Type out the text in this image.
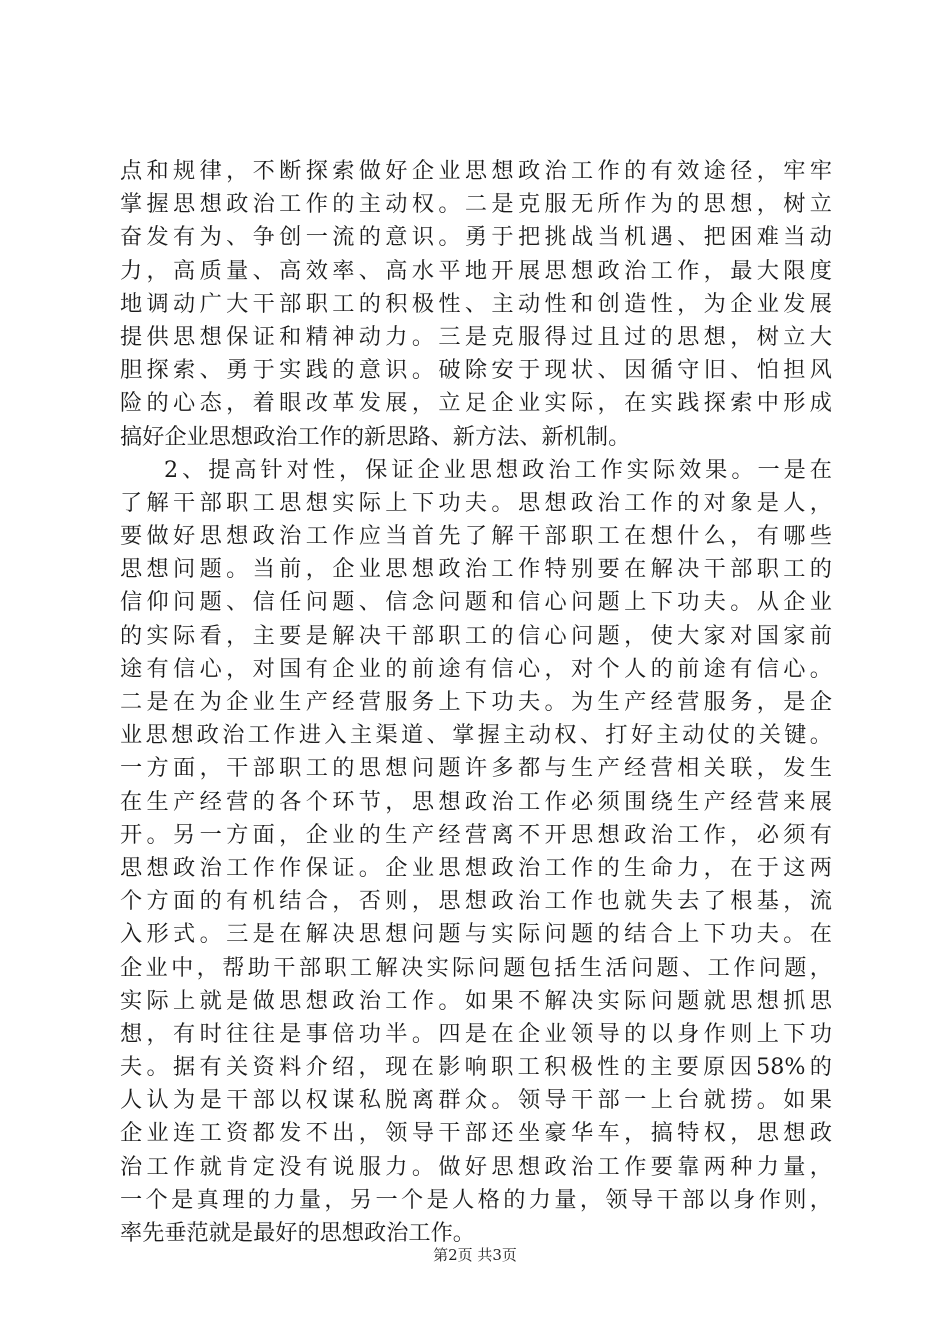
点和规律，不断探索做好企业思想政治工作的有效途径，牢牢
掌握思想政治工作的主动权。二是克服无所作为的思想，树立
奋发有为、争创一流的意识。勇于把挑战当机遇、把困难当动
力，高质量、高效率、高水平地开展思想政治工作，最大限度
地调动广大干部职工的积极性、主动性和创造性，为企业发展
提供思想保证和精神动力。三是克服得过且过的思想，树立大
胆探索、勇于实践的意识。破除安于现状、因循守旧、怕担风
险的心态，着眼改革发展，立足企业实际，在实践探索中形成
搞好企业思想政治工作的新思路、新方法、新机制。
2、提高针对性，保证企业思想政治工作实际效果。一是在
了解干部职工思想实际上下功夫。思想政治工作的对象是人，
要做好思想政治工作应当首先了解干部职工在想什么，有哪些
思想问题。当前，企业思想政治工作特别要在解决干部职工的
信仰问题、信任问题、信念问题和信心问题上下功夫。从企业
的实际看，主要是解决干部职工的信心问题，使大家对国家前
途有信心，对国有企业的前途有信心，对个人的前途有信心。
二是在为企业生产经营服务上下功夫。为生产经营服务，是企
业思想政治工作进入主渠道、掌握主动权、打好主动仗的关键。
一方面，干部职工的思想问题许多都与生产经营相关联，发生
在生产经营的各个环节，思想政治工作必须围绕生产经营来展
开。另一方面，企业的生产经营离不开思想政治工作，必须有
思想政治工作作保证。企业思想政治工作的生命力，在于这两
个方面的有机结合，否则，思想政治工作也就失去了根基，流
入形式。三是在解决思想问题与实际问题的结合上下功夫。在
企业中，帮助干部职工解决实际问题包括生活问题、工作问题，
实际上就是做思想政治工作。如果不解决实际问题就思想抓思
想，有时往往是事倍功半。四是在企业领导的以身作则上下功
夫。据有关资料介绍，现在影响职工积极性的主要原因58%的
人认为是干部以权谋私脱离群众。领导干部一上台就捞。如果
企业连工资都发不出，领导干部还坐豪华车，搞特权，思想政
治工作就肯定没有说服力。做好思想政治工作要靠两种力量，
一个是真理的力量，另一个是人格的力量，领导干部以身作则，
率先垂范就是最好的思想政治工作。
第2页 共3页
